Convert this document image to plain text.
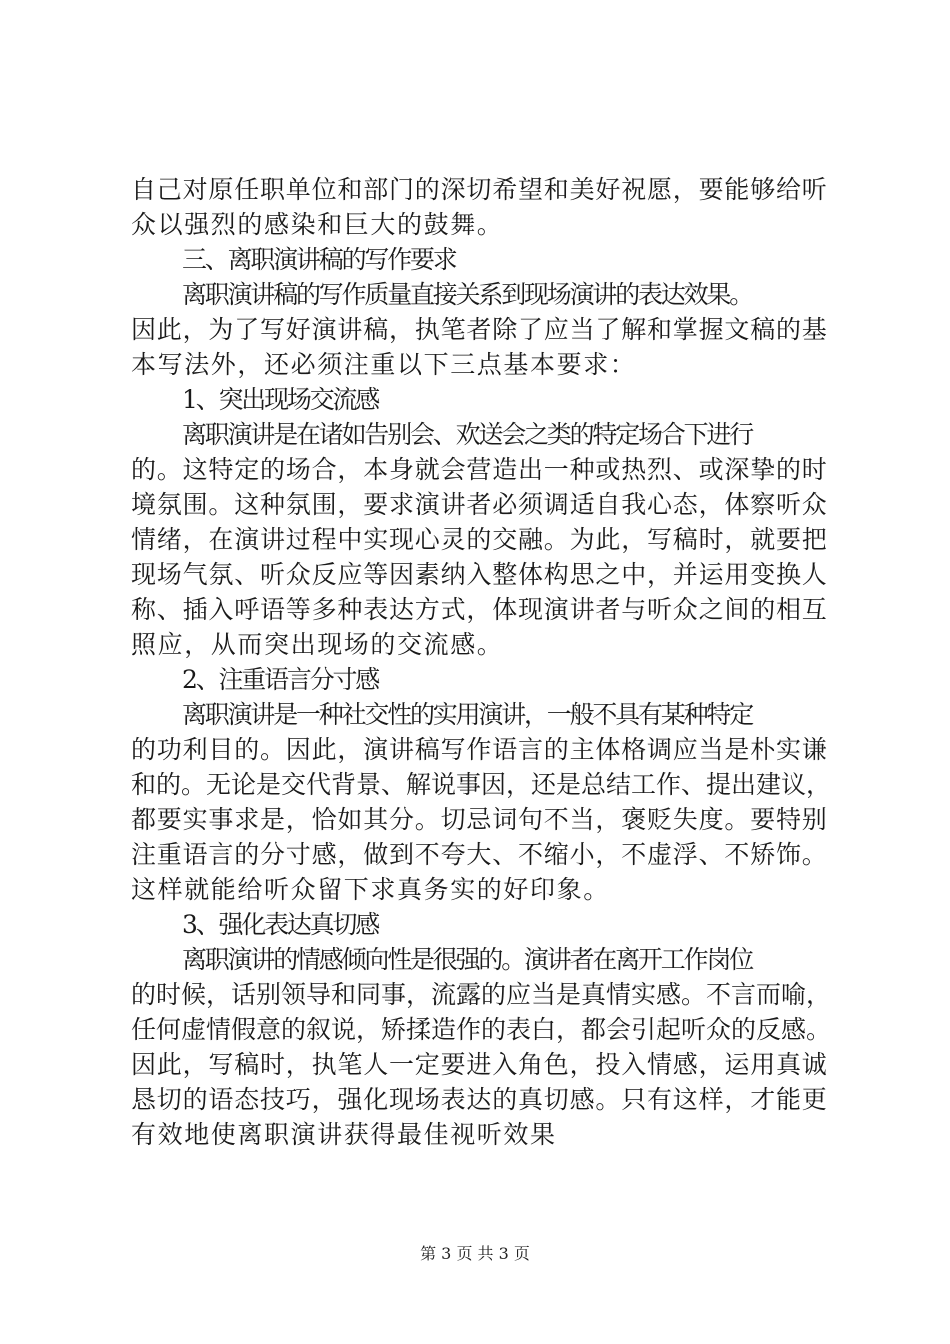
自己对原任职单位和部门的深切希望和美好祝愿，要能够给听
众以强烈的感染和巨大的鼓舞。
三、离职演讲稿的写作要求
离职演讲稿的写作质量直接关系到现场演讲的表达效果。
因此，为了写好演讲稿，执笔者除了应当了解和掌握文稿的基
本写法外，还必须注重以下三点基本要求：
1、突出现场交流感
离职演讲是在诸如告别会、欢送会之类的特定场合下进行
的。这特定的场合，本身就会营造出一种或热烈、或深挚的时
境氛围。这种氛围，要求演讲者必须调适自我心态，体察听众
情绪，在演讲过程中实现心灵的交融。为此，写稿时，就要把
现场气氛、听众反应等因素纳入整体构思之中，并运用变换人
称、插入呼语等多种表达方式，体现演讲者与听众之间的相互
照应，从而突出现场的交流感。
2、注重语言分寸感
离职演讲是一种社交性的实用演讲，一般不具有某种特定
的功利目的。因此，演讲稿写作语言的主体格调应当是朴实谦
和的。无论是交代背景、解说事因，还是总结工作、提出建议，
都要实事求是，恰如其分。切忌词句不当，褒贬失度。要特别
注重语言的分寸感，做到不夸大、不缩小，不虚浮、不矫饰。
这样就能给听众留下求真务实的好印象。
3、强化表达真切感
离职演讲的情感倾向性是很强的。演讲者在离开工作岗位
的时候，话别领导和同事，流露的应当是真情实感。不言而喻，
任何虚情假意的叙说，矫揉造作的表白，都会引起听众的反感。
因此，写稿时，执笔人一定要进入角色，投入情感，运用真诚
恳切的语态技巧，强化现场表达的真切感。只有这样，才能更
有效地使离职演讲获得最佳视听效果
第 3 页 共 3 页
